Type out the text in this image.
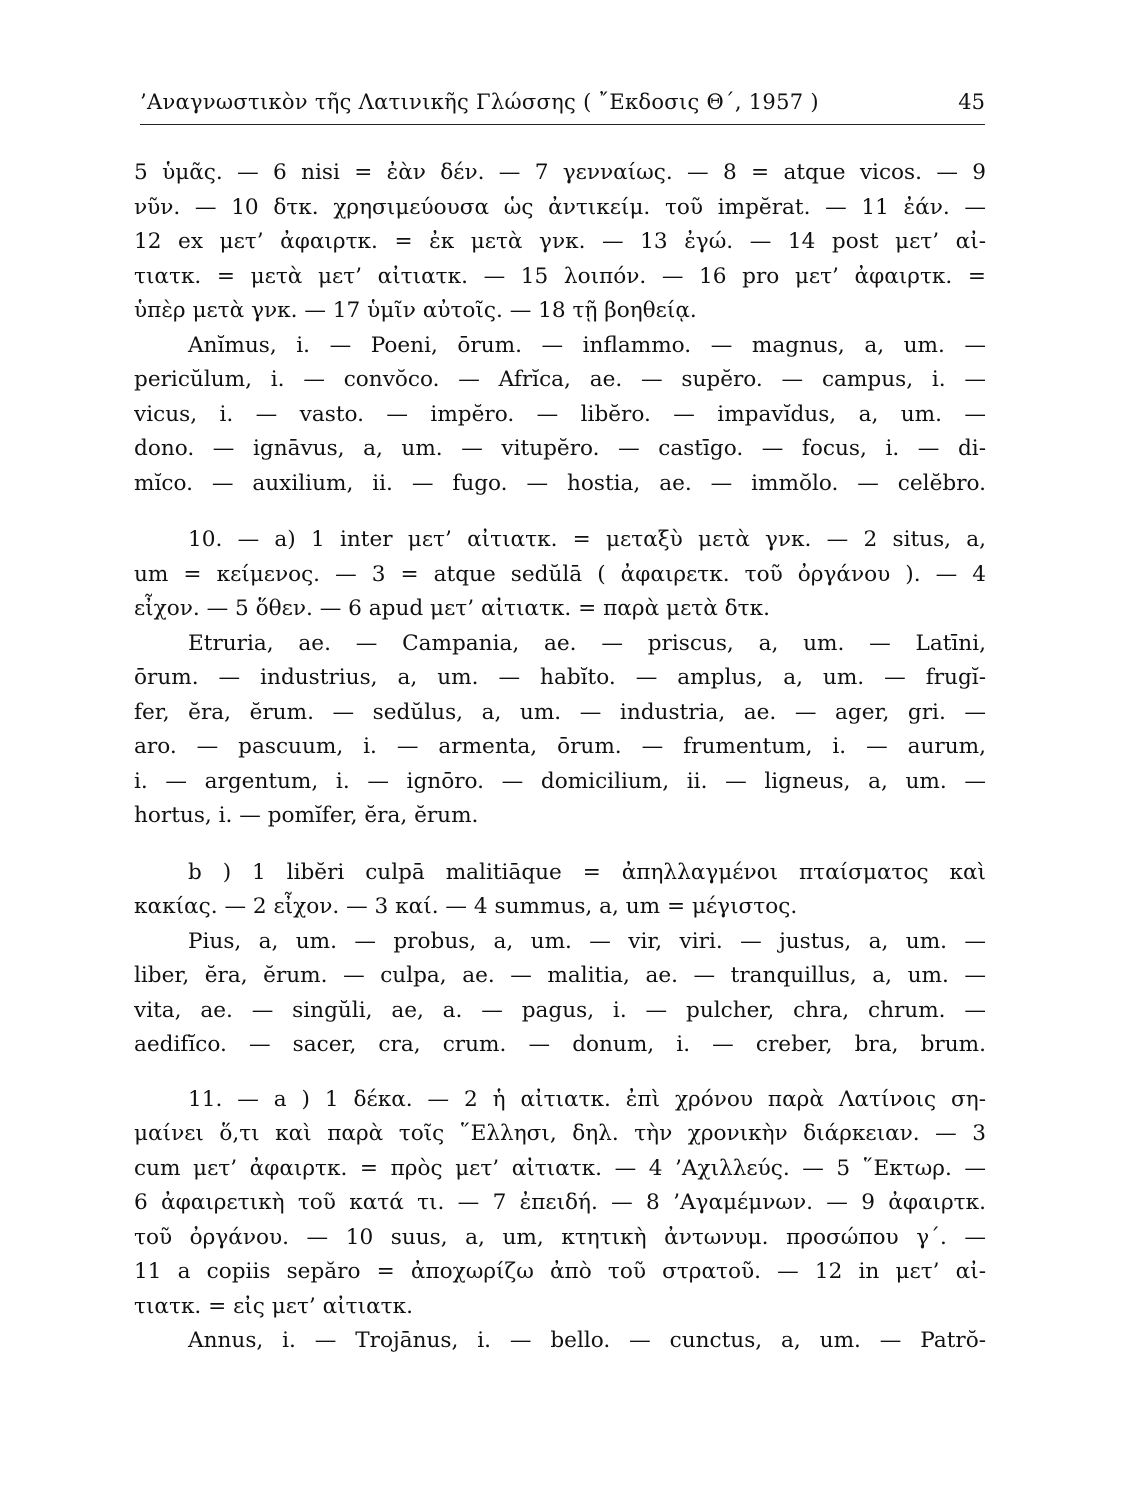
’Αναγνωστικὸν τῆς Λατινικῆς Γλώσσης ( ῎Εκδοσις Θ΄, 1957 )	45
5 ὑμᾶς. — 6 nisi = ἐὰν δέν. — 7 γενναίως. — 8 = atque vicos. — 9
νῦν. — 10 δτκ. χρησιμεύουσα ὡς ἀντικείμ. τοῦ impĕrat. — 11 ἐάν. —
12 ex μετ’ ἀφαιρτκ. = ἐκ μετὰ γνκ. — 13 ἐγώ. — 14 post μετ’ αἰ-
τιατκ. = μετὰ μετ’ αἰτιατκ. — 15 λοιπόν. — 16 pro μετ’ ἀφαιρτκ. =
ὑπὲρ μετὰ γνκ. — 17 ὑμῖν αὐτοῖς. — 18 τῇ βοηθείᾳ.
Anĭmus, i. — Poeni, ōrum. — inflammo. — magnus, a, um. —
pericŭlum, i. — convŏco. — Afrĭca, ae. — supĕro. — campus, i. —
vicus, i. — vasto. — impĕro. — libĕro. — impavĭdus, a, um. —
dono. — ignāvus, a, um. — vitupĕro. — castīgo. — focus, i. — di-
mĭco. — auxilium, ii. — fugo. — hostia, ae. — immŏlo. — celĕbro.
10. — a) 1 inter μετ’ αἰτιατκ. = μεταξὺ μετὰ γνκ. — 2 situs, a,
um = κείμενος. — 3 = atque sedŭlā ( ἀφαιρετκ. τοῦ ὀργάνου ). — 4
εἶχον. — 5 ὅθεν. — 6 apud μετ’ αἰτιατκ. = παρὰ μετὰ δτκ.
Etruria, ae. — Campania, ae. — priscus, a, um. — Latīni,
ōrum. — industrius, a, um. — habĭto. — amplus, a, um. — frugĭ-
fer, ĕra, ĕrum. — sedŭlus, a, um. — industria, ae. — ager, gri. —
aro. — pascuum, i. — armenta, ōrum. — frumentum, i. — aurum,
i. — argentum, i. — ignōro. — domicilium, ii. — ligneus, a, um. —
hortus, i. — pomĭfer, ĕra, ĕrum.
b ) 1 libĕri culpā malitiāque = ἀπηλλαγμένοι πταίσματος καὶ
κακίας. — 2 εἶχον. — 3 καί. — 4 summus, a, um = μέγιστος.
Pius, a, um. — probus, a, um. — vir, viri. — justus, a, um. —
liber, ĕra, ĕrum. — culpa, ae. — malitia, ae. — tranquillus, a, um. —
vita, ae. — singŭli, ae, a. — pagus, i. — pulcher, chra, chrum. —
aedifĭco. — sacer, cra, crum. — donum, i. — creber, bra, brum.
11. — a ) 1 δέκα. — 2 ἡ αἰτιατκ. ἐπὶ χρόνου παρὰ Λατίνοις ση-
μαίνει ὅ,τι καὶ παρὰ τοῖς ῞Ελλησι, δηλ. τὴν χρονικὴν διάρκειαν. — 3
cum μετ’ ἀφαιρτκ. = πρὸς μετ’ αἰτιατκ. — 4 ’Αχιλλεύς. — 5 ῞Εκτωρ. —
6 ἀφαιρετικὴ τοῦ κατά τι. — 7 ἐπειδή. — 8 ’Αγαμέμνων. — 9 ἀφαιρτκ.
τοῦ ὀργάνου. — 10 suus, a, um, κτητικὴ ἀντωνυμ. προσώπου γ΄. —
11 a copiis sepăro = ἀποχωρίζω ἀπὸ τοῦ στρατοῦ. — 12 in μετ’ αἰ-
τιατκ. = εἰς μετ’ αἰτιατκ.
Annus, i. — Trojānus, i. — bello. — cunctus, a, um. — Patrŏ-
